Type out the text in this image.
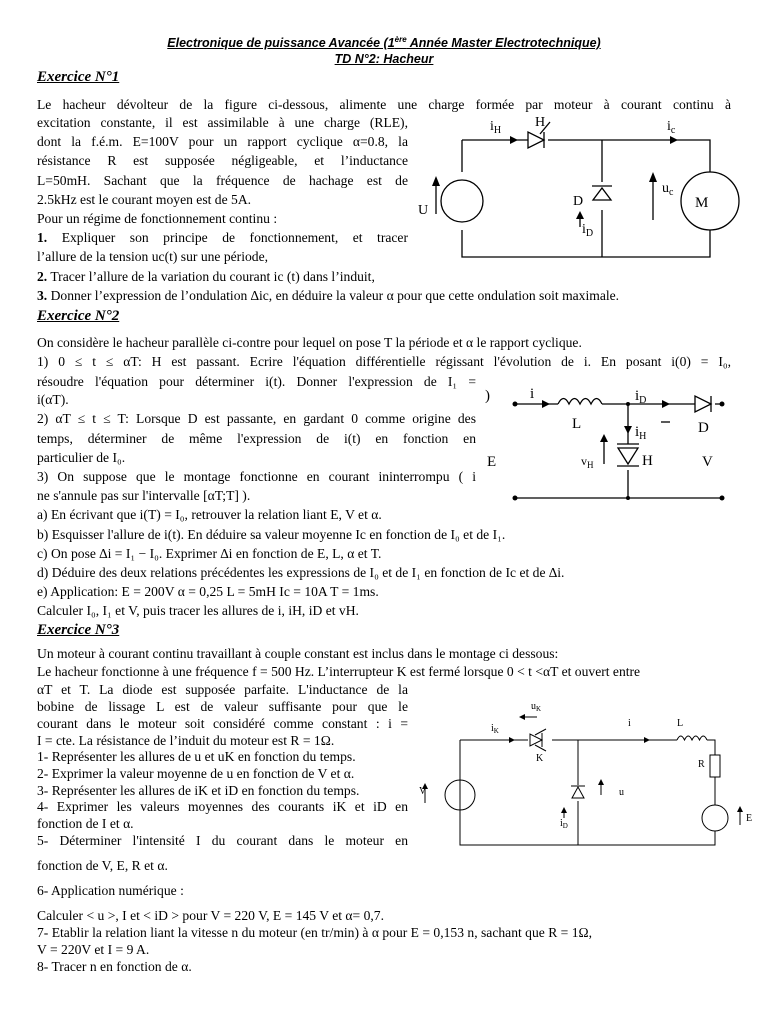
Electronique de puissance Avancée (1ère Année Master Electrotechnique)
TD N°2: Hacheur
Exercice N°1
Le hacheur dévolteur de la figure ci-dessous, alimente une charge formée par moteur à courant continu à
excitation constante, il est assimilable à une charge (RLE),
dont la f.é.m. E=100V pour un rapport cyclique α=0.8, la
résistance R est supposée négligeable, et l’inductance
L=50mH. Sachant que la fréquence de hachage est de
2.5kHz est le courant moyen est de 5A.
Pour un régime de fonctionnement continu :
1. Expliquer son principe de fonctionnement, et tracer
l’allure de la tension uc(t) sur une période,
2. Tracer l’allure de la variation du courant ic (t) dans l’induit,
3. Donner l’expression de l’ondulation ∆ic, en déduire la valeur α pour que cette ondulation soit maximale.
$i_H$
H	$i_c$
$u_c$
D
$i_D$
U	M
Exercice N°2
On considère le hacheur parallèle ci-contre pour lequel on pose T la période et α le rapport cyclique.
1) 0 ≤ t ≤ αT: H est passant. Ecrire l'équation différentielle régissant l'évolution de i. En posant i(0) = I₀,
résoudre l'équation pour déterminer i(t). Donner l'expression de I₁ =
i(αT).
2) αT ≤ t ≤ T: Lorsque D est passante, en gardant 0 comme origine des
temps, déterminer de même l'expression de i(t) en fonction en
particulier de I₀.
3) On suppose que le montage fonctionne en courant ininterrompu ( i
ne s'annule pas sur l'intervalle [αT;T] ).
a) En écrivant que i(T) = I₀, retrouver la relation liant E, V et α.
b) Esquisser l'allure de i(t). En déduire sa valeur moyenne Ic en fonction de I₀ et de I₁.
c) On pose ∆i = I₁ − I₀. Exprimer ∆i en fonction de E, L, α et T.
d) Déduire des deux relations précédentes les expressions de I₀ et de I₁ en fonction de Ic et de ∆i.
e) Application: E = 200V α = 0,25 L = 5mH Ic = 10A T = 1ms.
Calculer I₀, I₁ et V, puis tracer les allures de i, iH, iD et vH.
)	i
L
$i_D$
D
$i_H$
$v_H$	H
E	V
Exercice N°3
Un moteur à courant continu travaillant à couple constant est inclus dans le montage ci dessous:
Le hacheur fonctionne à une fréquence f = 500 Hz. L’interrupteur K est fermé lorsque 0 < t <αT et ouvert entre
αT et T. La diode est supposée parfaite. L'inductance de la
bobine de lissage L est de valeur suffisante pour que le
courant dans le moteur soit considéré comme constant : i =
I = cte. La résistance de l’induit du moteur est R = 1Ω.
1- Représenter les allures de u et uK en fonction du temps.
2- Exprimer la valeur moyenne de u en fonction de V et α.
3- Représenter les allures de iK et iD en fonction du temps.
4- Exprimer les valeurs moyennes des courants iK et iD en
fonction de I et α.
5- Déterminer l'intensité I du courant dans le moteur en
fonction de V, E, R et α.
6- Application numérique :
Calculer < u >, I et < iD > pour V = 220 V, E = 145 V et α= 0,7.
7- Etablir la relation liant la vitesse n du moteur (en tr/min) à α pour E = 0,153 n, sachant que R = 1Ω,
V = 220V et I = 9 A.
8- Tracer n en fonction de α.
$u_K$
$i_K$
K
i	L
R
V	u
$i_D$
E
